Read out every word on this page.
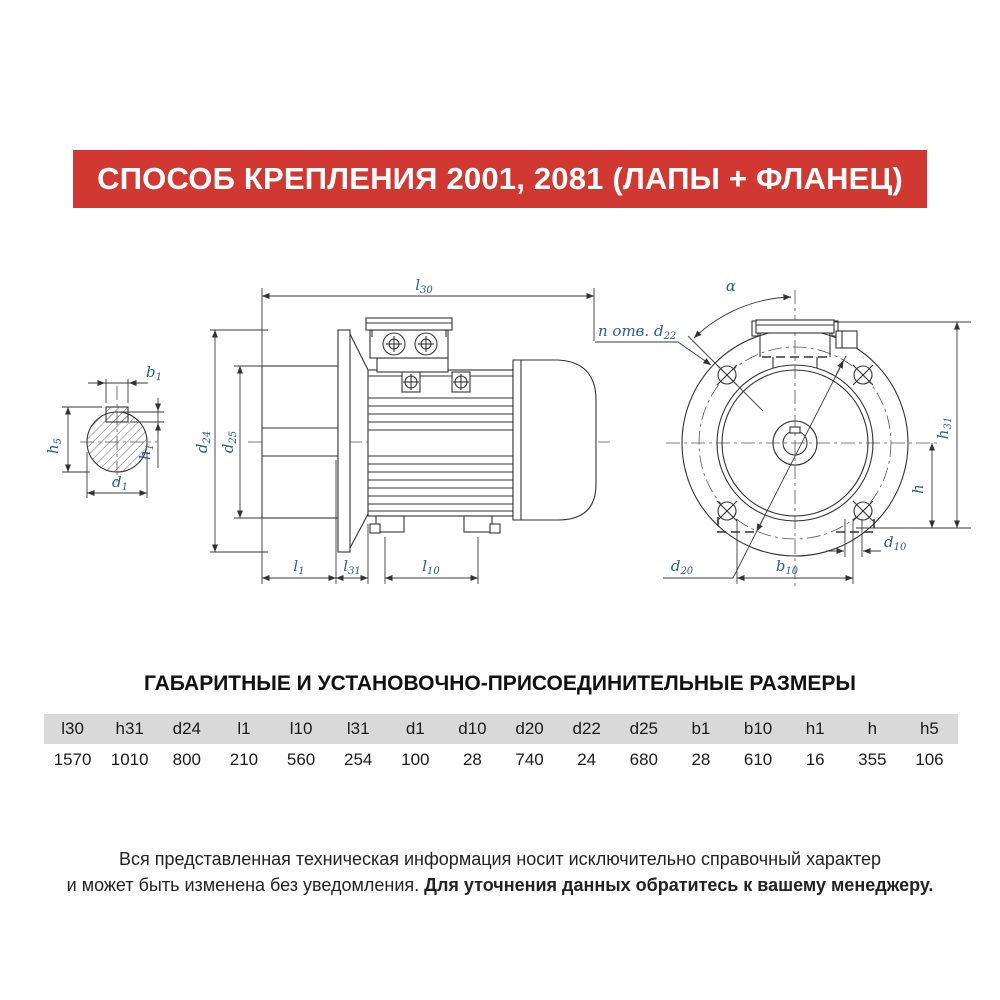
СПОСОБ КРЕПЛЕНИЯ 2001, 2081 (ЛАПЫ + ФЛАНЕЦ)
$b_1$
$h_5$
$h_1$
$d_1$
$l_{30}$
$d_{24}$
$d_{25}$
$l_1$	$l_{31}$	$l_{10}$	$d_{20}$
n отв. $d_{22}$
α
$h_{31}$
h
$d_{10}$
$b_{10}$
ГАБАРИТНЫЕ И УСТАНОВОЧНО-ПРИСОЕДИНИТЕЛЬНЫЕ РАЗМЕРЫ
l30	h31	d24	l1	l10	l31	d1	d10	d20	d22	d25	b1	b10	h1	h	h5
1570	1010	800	210	560	254	100	28	740	24	680	28	610	16	355	106

Вся представленная техническая информация носит исключительно справочный характер
и может быть изменена без уведомления. Для уточнения данных обратитесь к вашему менеджеру.
